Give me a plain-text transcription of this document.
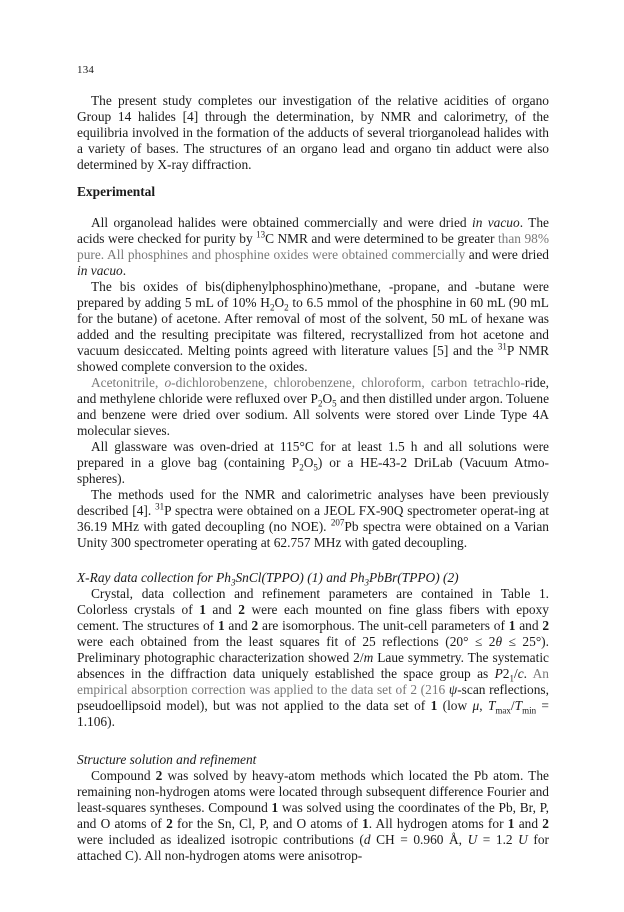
134

The present study completes our investigation of the relative acidities of organo Group 14 halides [4] through the determination, by NMR and calorimetry, of the equilibria involved in the formation of the adducts of several triorganolead halides with a variety of bases. The structures of an organo lead and organo tin adduct were also determined by X-ray diffraction.

Experimental

All organolead halides were obtained commercially and were dried in vacuo. The acids were checked for purity by $^{13}$C NMR and were determined to be greater than 98% pure. All phosphines and phosphine oxides were obtained commercially and were dried in vacuo.

The bis oxides of bis(diphenylphosphino)methane, -propane, and -butane were prepared by adding 5 mL of 10% $H_2O_2$ to 6.5 mmol of the phosphine in 60 mL (90 mL for the butane) of acetone. After removal of most of the solvent, 50 mL of hexane was added and the resulting precipitate was filtered, recrystallized from hot acetone and vacuum desiccated. Melting points agreed with literature values [5] and the $^{31}$P NMR showed complete conversion to the oxides.

Acetonitrile, o-dichlorobenzene, chlorobenzene, chloroform, carbon tetrachlo-ride, and methylene chloride were refluxed over $P_2O_5$ and then distilled under argon. Toluene and benzene were dried over sodium. All solvents were stored over Linde Type 4A molecular sieves.

All glassware was oven-dried at 115°C for at least 1.5 h and all solutions were prepared in a glove bag (containing $P_2O_5$) or a HE-43-2 DriLab (Vacuum Atmo-spheres).

The methods used for the NMR and calorimetric analyses have been previously described [4]. $^{31}$P spectra were obtained on a JEOL FX-90Q spectrometer operat-ing at 36.19 MHz with gated decoupling (no NOE). $^{207}$Pb spectra were obtained on a Varian Unity 300 spectrometer operating at 62.757 MHz with gated decoupling.

X-Ray data collection for $Ph_3SnCl(TPPO)$ (1) and $Ph_3PbBr(TPPO)$ (2)

Crystal, data collection and refinement parameters are contained in Table 1. Colorless crystals of 1 and 2 were each mounted on fine glass fibers with epoxy cement. The structures of 1 and 2 are isomorphous. The unit-cell parameters of 1 and 2 were each obtained from the least squares fit of 25 reflections (20° ≤ 2θ ≤ 25°). Preliminary photographic characterization showed 2/m Laue symmetry. The systematic absences in the diffraction data uniquely established the space group as $P2_1/c$. An empirical absorption correction was applied to the data set of 2 (216 ψ-scan reflections, pseudoellipsoid model), but was not applied to the data set of 1 (low μ, $T_{max}/T_{min} = 1.106$).

Structure solution and refinement

Compound 2 was solved by heavy-atom methods which located the Pb atom. The remaining non-hydrogen atoms were located through subsequent difference Fourier and least-squares syntheses. Compound 1 was solved using the coordinates of the Pb, Br, P, and O atoms of 2 for the Sn, Cl, P, and O atoms of 1. All hydrogen atoms for 1 and 2 were included as idealized isotropic contributions (d CH = 0.960 Å, U = 1.2 U for attached C). All non-hydrogen atoms were anisotrop-
